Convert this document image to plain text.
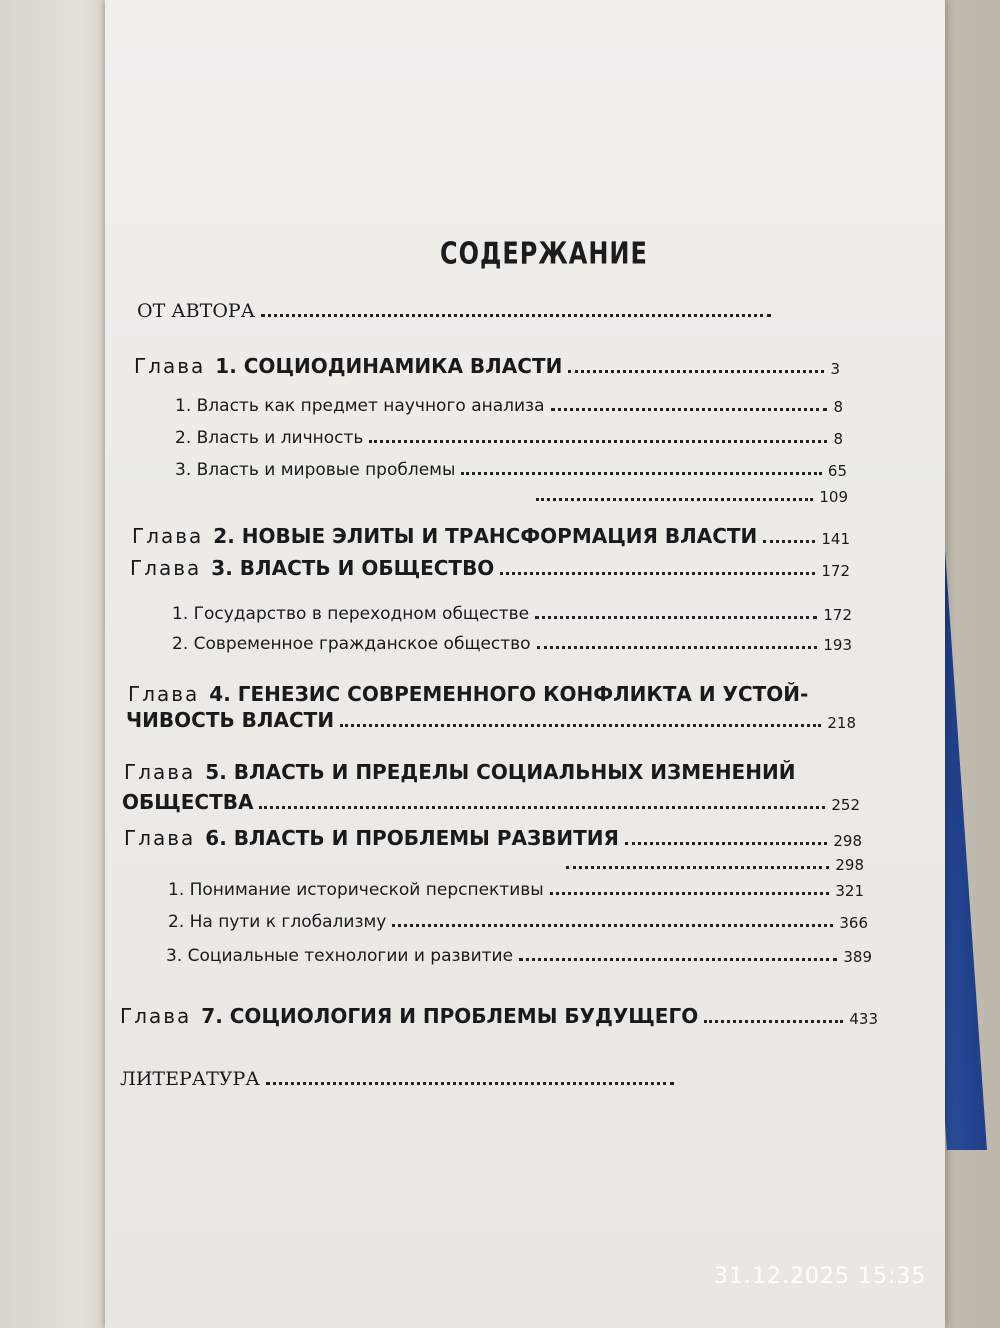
СОДЕРЖАНИЕ
ОТ АВТОРА
Глава 1. СОЦИОДИНАМИКА ВЛАСТИ	3
1. Власть как предмет научного анализа	8
2. Власть и личность	8
3. Власть и мировые проблемы	65
109
Глава 2. НОВЫЕ ЭЛИТЫ И ТРАНСФОРМАЦИЯ ВЛАСТИ	141
Глава 3. ВЛАСТЬ И ОБЩЕСТВО	172
1. Государство в переходном обществе	172
2. Современное гражданское общество	193
Глава 4. ГЕНЕЗИС СОВРЕМЕННОГО КОНФЛИКТА И УСТОЙ-
ЧИВОСТЬ ВЛАСТИ	218
Глава 5. ВЛАСТЬ И ПРЕДЕЛЫ СОЦИАЛЬНЫХ ИЗМЕНЕНИЙ
ОБЩЕСТВА	252
Глава 6. ВЛАСТЬ И ПРОБЛЕМЫ РАЗВИТИЯ	298
298
1. Понимание исторической перспективы	321
2. На пути к глобализму	366
3. Социальные технологии и развитие	389
Глава 7. СОЦИОЛОГИЯ И ПРОБЛЕМЫ БУДУЩЕГО	433
ЛИТЕРАТУРА
31.12.2025 15:35
